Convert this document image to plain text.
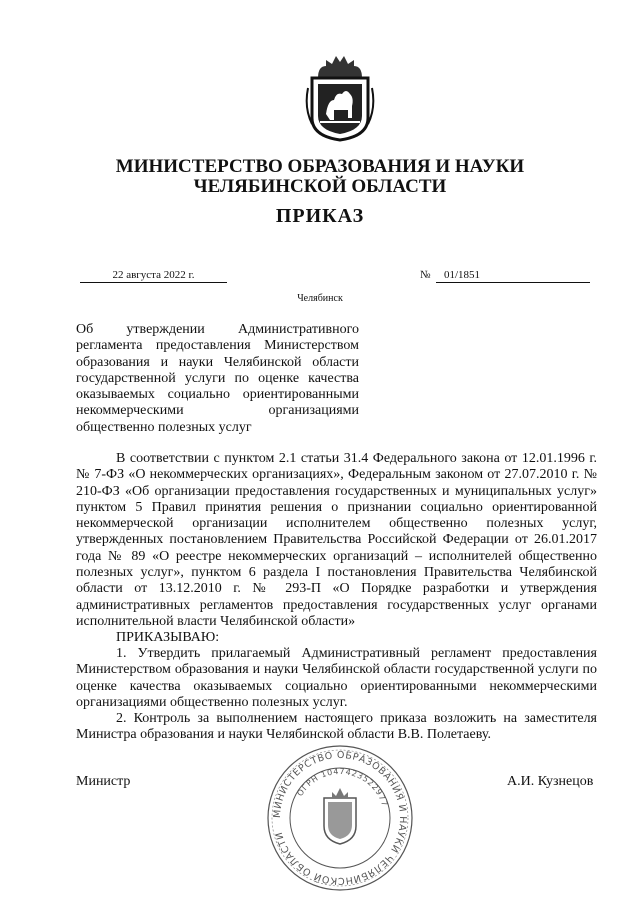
МИНИСТЕРСТВО ОБРАЗОВАНИЯ И НАУКИ
ЧЕЛЯБИНСКОЙ ОБЛАСТИ
ПРИКАЗ
22 августа 2022 г.	№	01/1851
Челябинск
Об утверждении Административного регламента предоставления Министерством образования и науки Челябинской области государственной услуги по оценке качества оказываемых социально ориентированными некоммерческими организациями общественно полезных услуг
В соответствии с пунктом 2.1 статьи 31.4 Федерального закона от 12.01.1996 г. № 7-ФЗ «О некоммерческих организациях», Федеральным законом от 27.07.2010 г. № 210-ФЗ «Об организации предоставления государственных и муниципальных услуг» пунктом 5 Правил принятия решения о признании социально ориентированной некоммерческой организации исполнителем общественно полезных услуг, утвержденных постановлением Правительства Российской Федерации от 26.01.2017 года № 89 «О реестре некоммерческих организаций – исполнителей общественно полезных услуг», пунктом 6 раздела I постановления Правительства Челябинской области от 13.12.2010 г. № 293-П «О Порядке разработки и утверждения административных регламентов предоставления государственных услуг органами исполнительной власти Челябинской области»
ПРИКАЗЫВАЮ:
1. Утвердить прилагаемый Административный регламент предоставления Министерством образования и науки Челябинской области государственной услуги по оценке качества оказываемых социально ориентированными некоммерческими организациями общественно полезных услуг.
2. Контроль за выполнением настоящего приказа возложить на заместителя Министра образования и науки Челябинской области В.В. Полетаеву.
МИНИСТЕРСТВО ОБРАЗОВАНИЯ И НАУКИ ЧЕЛЯБИНСКОЙ ОБЛАСТИ
ОГРН 1047423522977
Министр	А.И. Кузнецов
